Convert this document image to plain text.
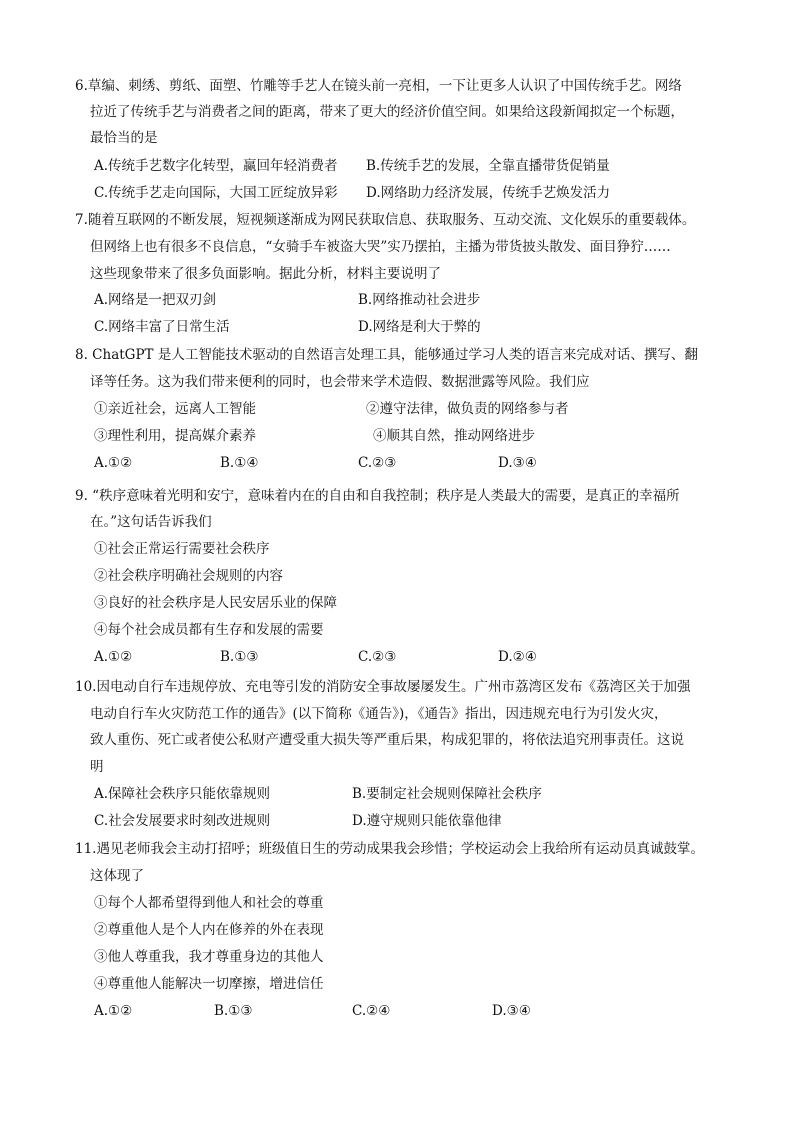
6.草编、刺绣、剪纸、面塑、竹雕等手艺人在镜头前一亮相，一下让更多人认识了中国传统手艺。网络
拉近了传统手艺与消费者之间的距离，带来了更大的经济价值空间。如果给这段新闻拟定一个标题，
最恰当的是
A.传统手艺数字化转型，赢回年轻消费者 B.传统手艺的发展，全靠直播带货促销量
C.传统手艺走向国际，大国工匠绽放异彩 D.网络助力经济发展，传统手艺焕发活力
7.随着互联网的不断发展，短视频遂渐成为网民获取信息、获取服务、互动交流、文化娱乐的重要载体。
但网络上也有很多不良信息，“女骑手车被盗大哭”实乃摆拍，主播为带货披头散发、面目狰狞……
这些现象带来了很多负面影响。据此分析，材料主要说明了
A.网络是一把双刃剑	B.网络推动社会进步
C.网络丰富了日常生活	D.网络是利大于弊的
8. ChatGPT 是人工智能技术驱动的自然语言处理工具，能够通过学习人类的语言来完成对话、撰写、翻
译等任务。这为我们带来便利的同时，也会带来学术造假、数据泄露等风险。我们应
①亲近社会，远离人工智能	②遵守法律，做负责的网络参与者
③理性利用，提高媒介素养	④顺其自然，推动网络进步
A.①②	B.①④	C.②③	D.③④
9. “秩序意味着光明和安宁，意味着内在的自由和自我控制；秩序是人类最大的需要，是真正的幸福所
在。”这句话告诉我们
①社会正常运行需要社会秩序
②社会秩序明确社会规则的内容
③良好的社会秩序是人民安居乐业的保障
④每个社会成员都有生存和发展的需要
A.①②	B.①③	C.②③	D.②④
10.因电动自行车违规停放、充电等引发的消防安全事故屡屡发生。广州市荔湾区发布《荔湾区关于加强
电动自行车火灾防范工作的通告》(以下简称《通告》)，《通告》指出，因违规充电行为引发火灾，
致人重伤、死亡或者使公私财产遭受重大损失等严重后果，构成犯罪的，将依法追究刑事责任。这说
明
A.保障社会秩序只能依靠规则	B.要制定社会规则保障社会秩序
C.社会发展要求时刻改进规则	D.遵守规则只能依靠他律
11.遇见老师我会主动打招呼；班级值日生的劳动成果我会珍惜；学校运动会上我给所有运动员真诚鼓掌。
这体现了
①每个人都希望得到他人和社会的尊重
②尊重他人是个人内在修养的外在表现
③他人尊重我，我才尊重身边的其他人
④尊重他人能解决一切摩擦，增进信任
A.①②	B.①③	C.②④	D.③④
